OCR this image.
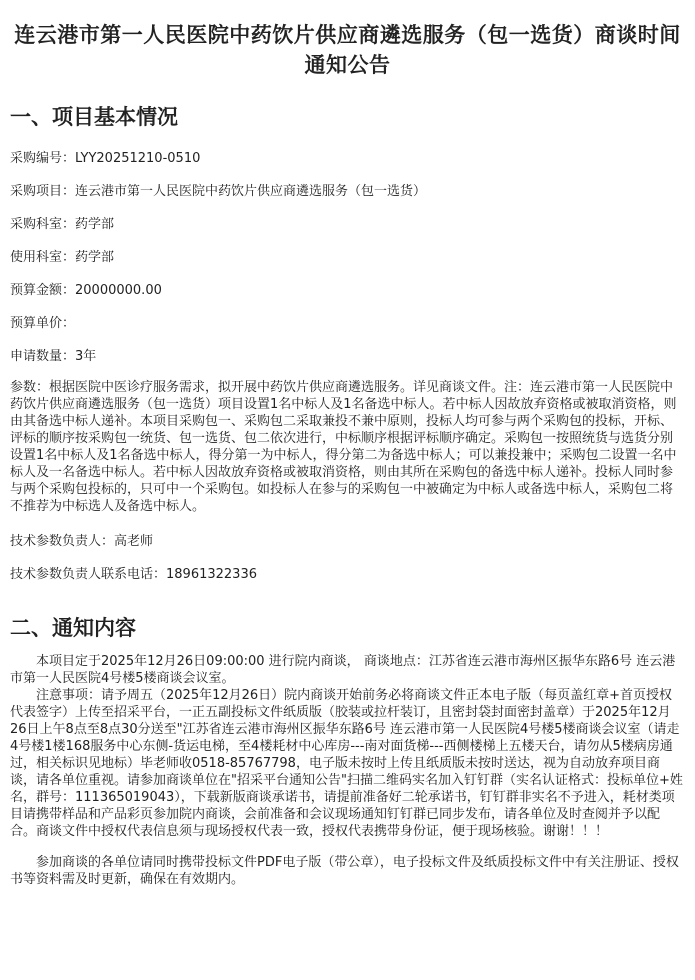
连云港市第一人民医院中药饮片供应商遴选服务（包一选货）商谈时间通知公告
一、项目基本情况
采购编号： LYY20251210-0510
采购项目： 连云港市第一人民医院中药饮片供应商遴选服务（包一选货）
采购科室： 药学部
使用科室： 药学部
预算金额： 20000000.00
预算单价：
申请数量： 3年
参数：根据医院中医诊疗服务需求，拟开展中药饮片供应商遴选服务。详见商谈文件。注：连云港市第一人民医院中药饮片供应商遴选服务（包一选货）项目设置1名中标人及1名备选中标人。若中标人因故放弃资格或被取消资格，则由其备选中标人递补。本项目采购包一、采购包二采取兼投不兼中原则，投标人均可参与两个采购包的投标，开标、评标的顺序按采购包一统货、包一选货、包二依次进行，中标顺序根据评标顺序确定。采购包一按照统货与选货分别设置1名中标人及1名备选中标人，得分第一为中标人，得分第二为备选中标人；可以兼投兼中；采购包二设置一名中标人及一名备选中标人。若中标人因故放弃资格或被取消资格，则由其所在采购包的备选中标人递补。投标人同时参与两个采购包投标的，只可中一个采购包。如投标人在参与的采购包一中被确定为中标人或备选中标人，采购包二将不推荐为中标选人及备选中标人。
技术参数负责人： 高老师
技术参数负责人联系电话： 18961322336
二、通知内容

本项目定于2025年12月26日09:00:00 进行院内商谈， 商谈地点：江苏省连云港市海州区振华东路6号 连云港市第一人民医院4号楼5楼商谈会议室。

注意事项：请予周五（2025年12月26日）院内商谈开始前务必将商谈文件正本电子版（每页盖红章+首页授权代表签字）上传至招采平台，一正五副投标文件纸质版（胶装或拉杆装订，且密封袋封面密封盖章）于2025年12月26日上午8点至8点30分送至"江苏省连云港市海州区振华东路6号 连云港市第一人民医院4号楼5楼商谈会议室（请走4号楼1楼168服务中心东侧-货运电梯，至4楼耗材中心库房---南对面货梯---西侧楼梯上五楼天台，请勿从5楼病房通过，相关标识见地标）毕老师收0518-85767798，电子版未按时上传且纸质版未按时送达，视为自动放弃项目商谈，请各单位重视。请参加商谈单位在"招采平台通知公告"扫描二维码实名加入钉钉群（实名认证格式：投标单位+姓名，群号：111365019043），下载新版商谈承诺书，请提前准备好二轮承诺书，钉钉群非实名不予进入，耗材类项目请携带样品和产品彩页参加院内商谈，会前准备和会议现场通知钉钉群已同步发布，请各单位及时查阅并予以配合。商谈文件中授权代表信息须与现场授权代表一致，授权代表携带身份证，便于现场核验。谢谢！！！

参加商谈的各单位请同时携带投标文件PDF电子版（带公章），电子投标文件及纸质投标文件中有关注册证、授权书等资料需及时更新，确保在有效期内。
